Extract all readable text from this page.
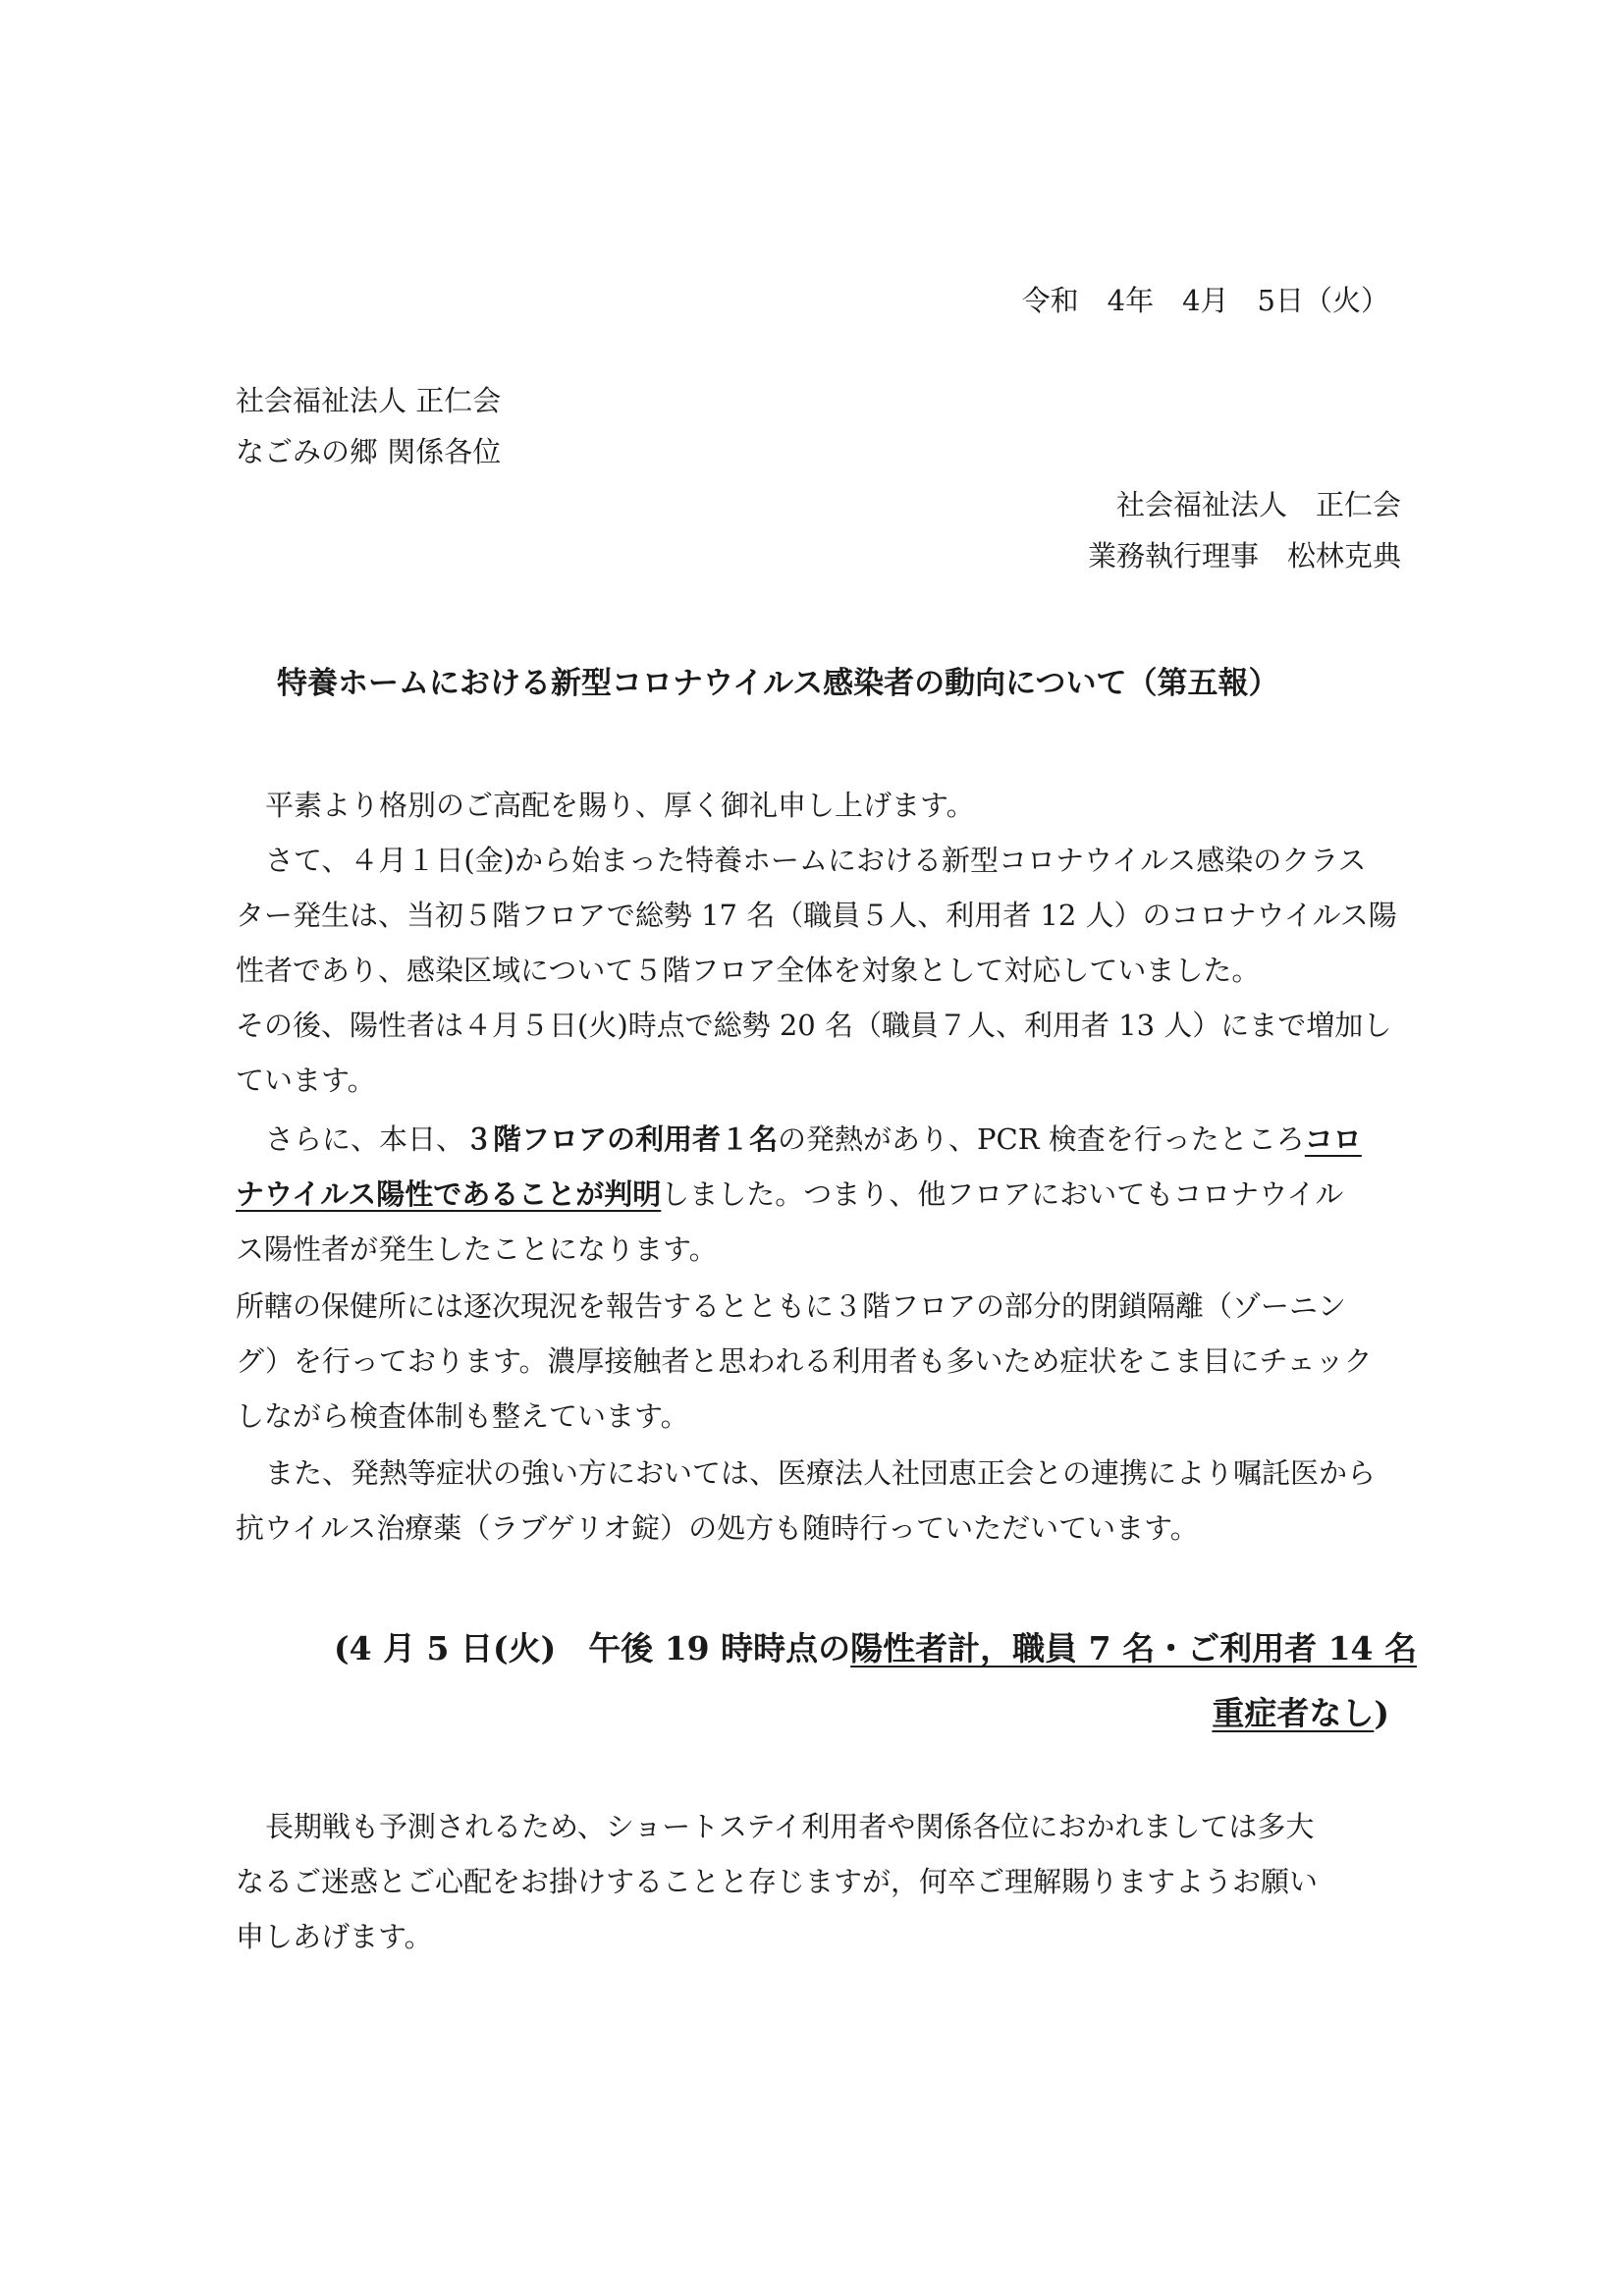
令和　4年　4月　5日（火）
社会福祉法人 正仁会
なごみの郷 関係各位
社会福祉法人　正仁会
業務執行理事　松林克典
特養ホームにおける新型コロナウイルス感染者の動向について（第五報）
平素より格別のご高配を賜り、厚く御礼申し上げます。
さて、４月１日(金)から始まった特養ホームにおける新型コロナウイルス感染のクラス
ター発生は、当初５階フロアで総勢 17 名（職員５人、利用者 12 人）のコロナウイルス陽
性者であり、感染区域について５階フロア全体を対象として対応していました。
その後、陽性者は４月５日(火)時点で総勢 20 名（職員７人、利用者 13 人）にまで増加し
ています。
さらに、本日、３階フロアの利用者１名の発熱があり、PCR 検査を行ったところコロ
ナウイルス陽性であることが判明しました。つまり、他フロアにおいてもコロナウイル
ス陽性者が発生したことになります。
所轄の保健所には逐次現況を報告するとともに３階フロアの部分的閉鎖隔離（ゾーニン
グ）を行っております。濃厚接触者と思われる利用者も多いため症状をこま目にチェック
しながら検査体制も整えています。
また、発熱等症状の強い方においては、医療法人社団恵正会との連携により嘱託医から
抗ウイルス治療薬（ラブゲリオ錠）の処方も随時行っていただいています。
(4 月 5 日(火)　午後 19 時時点の陽性者計，職員 7 名・ご利用者 14 名
重症者なし)
長期戦も予測されるため、ショートステイ利用者や関係各位におかれましては多大
なるご迷惑とご心配をお掛けすることと存じますが，何卒ご理解賜りますようお願い
申しあげます。
